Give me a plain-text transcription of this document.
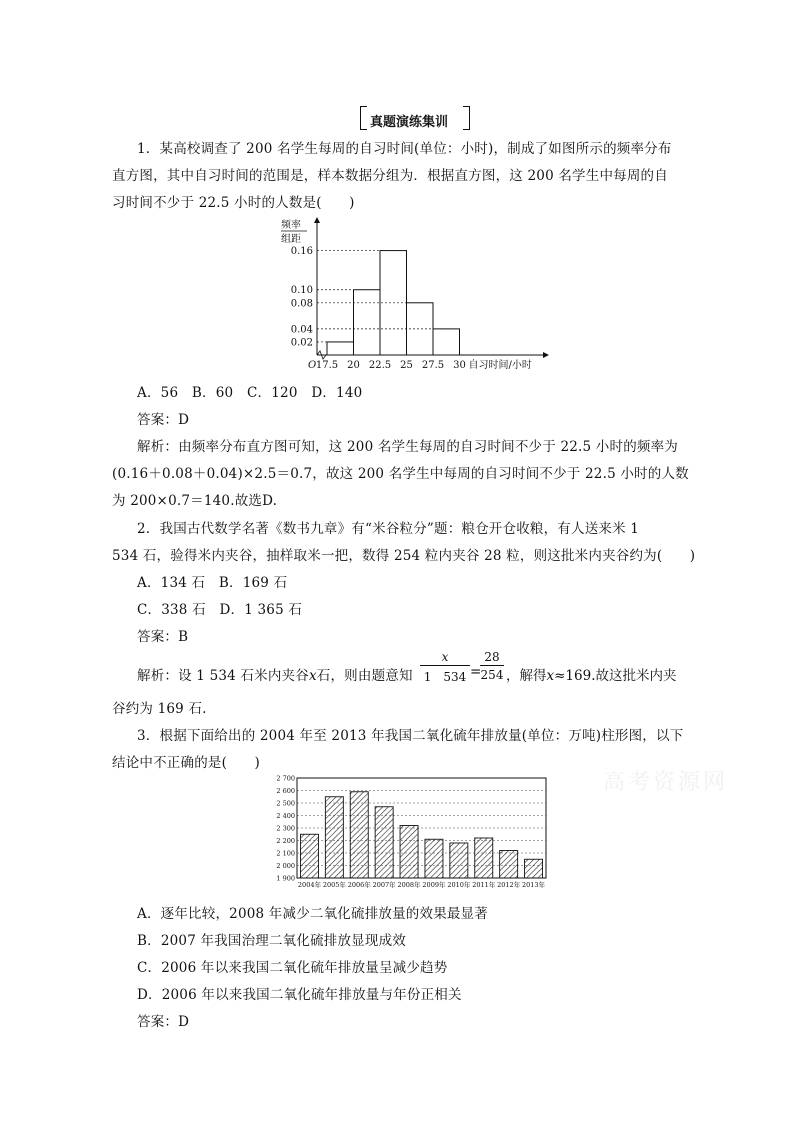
真题演练集训
1．某高校调查了 200 名学生每周的自习时间(单位：小时)，制成了如图所示的频率分布
直方图，其中自习时间的范围是，样本数据分组为．根据直方图，这 200 名学生中每周的自
习时间不少于 22.5 小时的人数是(　　)
频率
组距
0.02
0.04
0.08
0.10
0.16
O 17.5 20 22.5 25 27.5 30 自习时间/小时
A．56　B．60　C．120　D．140
答案：D
解析：由频率分布直方图可知，这 200 名学生每周的自习时间不少于 22.5 小时的频率为
(0.16＋0.08＋0.04)×2.5＝0.7，故这 200 名学生中每周的自习时间不少于 22.5 小时的人数
为 200×0.7＝140.故选D.
2．我国古代数学名著《数书九章》有“米谷粒分”题：粮仓开仓收粮，有人送来米 1
534 石，验得米内夹谷，抽样取米一把，数得 254 粒内夹谷 28 粒，则这批米内夹谷约为(　　)
A．134 石　B．169 石
C．338 石　D．1 365 石
答案：B
解析：设 1 534 石米内夹谷x石，则由题意知 $\frac{x}{1 534}$ =
$\frac{28}{254}$ ，解得x≈169.故这批米内夹
谷约为 169 石.
3．根据下面给出的 2004 年至 2013 年我国二氧化硫年排放量(单位：万吨)柱形图，以下
结论中不正确的是(　　)
高考资源网
2 700
2 600
2 500
2 400
2 300
2 200
2 100
2 000
1 900
2004年 2005年 2006年 2007年 2008年 2009年 2010年 2011年 2012年 2013年
A．逐年比较，2008 年减少二氧化硫排放量的效果最显著
B．2007 年我国治理二氧化硫排放显现成效
C．2006 年以来我国二氧化硫年排放量呈减少趋势
D．2006 年以来我国二氧化硫年排放量与年份正相关
答案：D
